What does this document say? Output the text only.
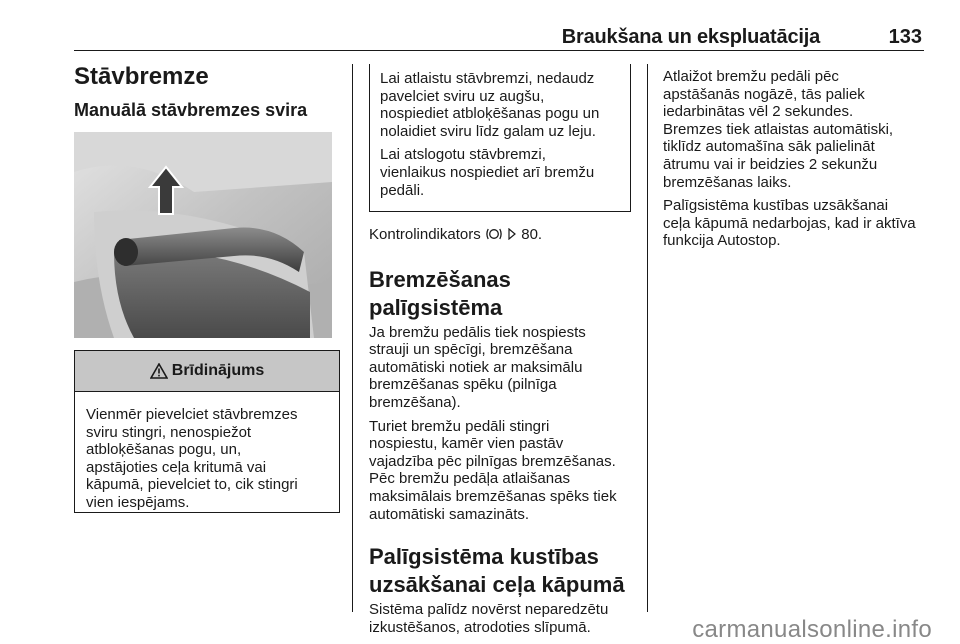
Braukšana un ekspluatācija	133
Stāvbremze
Manuālā stāvbremzes svira
Brīdinājums

Vienmēr pievelciet stāvbremzes

sviru stingri, nenospiežot

atbloķēšanas pogu, un,

apstājoties ceļa kritumā vai

kāpumā, pievelciet to, cik stingri

vien iespējams.

Lai atlaistu stāvbremzi, nedaudz

pavelciet sviru uz augšu,

nospiediet atbloķēšanas pogu un

nolaidiet sviru līdz galam uz leju.

Lai atslogotu stāvbremzi,

vienlaikus nospiediet arī bremžu

pedāli.

Kontrolindikators	80.

Bremzēšanas palīgsistēma

Ja bremžu pedālis tiek nospiests

strauji un spēcīgi, bremzēšana

automātiski notiek ar maksimālu

bremzēšanas spēku (pilnīga

bremzēšana).

Turiet bremžu pedāli stingri

nospiestu, kamēr vien pastāv

vajadzība pēc pilnīgas bremzēšanas.

Pēc bremžu pedāļa atlaišanas

maksimālais bremzēšanas spēks tiek

automātiski samazināts.

Palīgsistēma kustības
uzsākšanai ceļa kāpumā

Sistēma palīdz novērst neparedzētu

izkustēšanos, atrodoties slīpumā.

Atlaižot bremžu pedāli pēc

apstāšanās nogāzē, tās paliek

iedarbinātas vēl 2 sekundes.

Bremzes tiek atlaistas automātiski,

tiklīdz automašīna sāk palielināt

ātrumu vai ir beidzies 2 sekunžu

bremzēšanas laiks.

Palīgsistēma kustības uzsākšanai

ceļa kāpumā nedarbojas, kad ir aktīva

funkcija Autostop.

carmanualsonline.info
